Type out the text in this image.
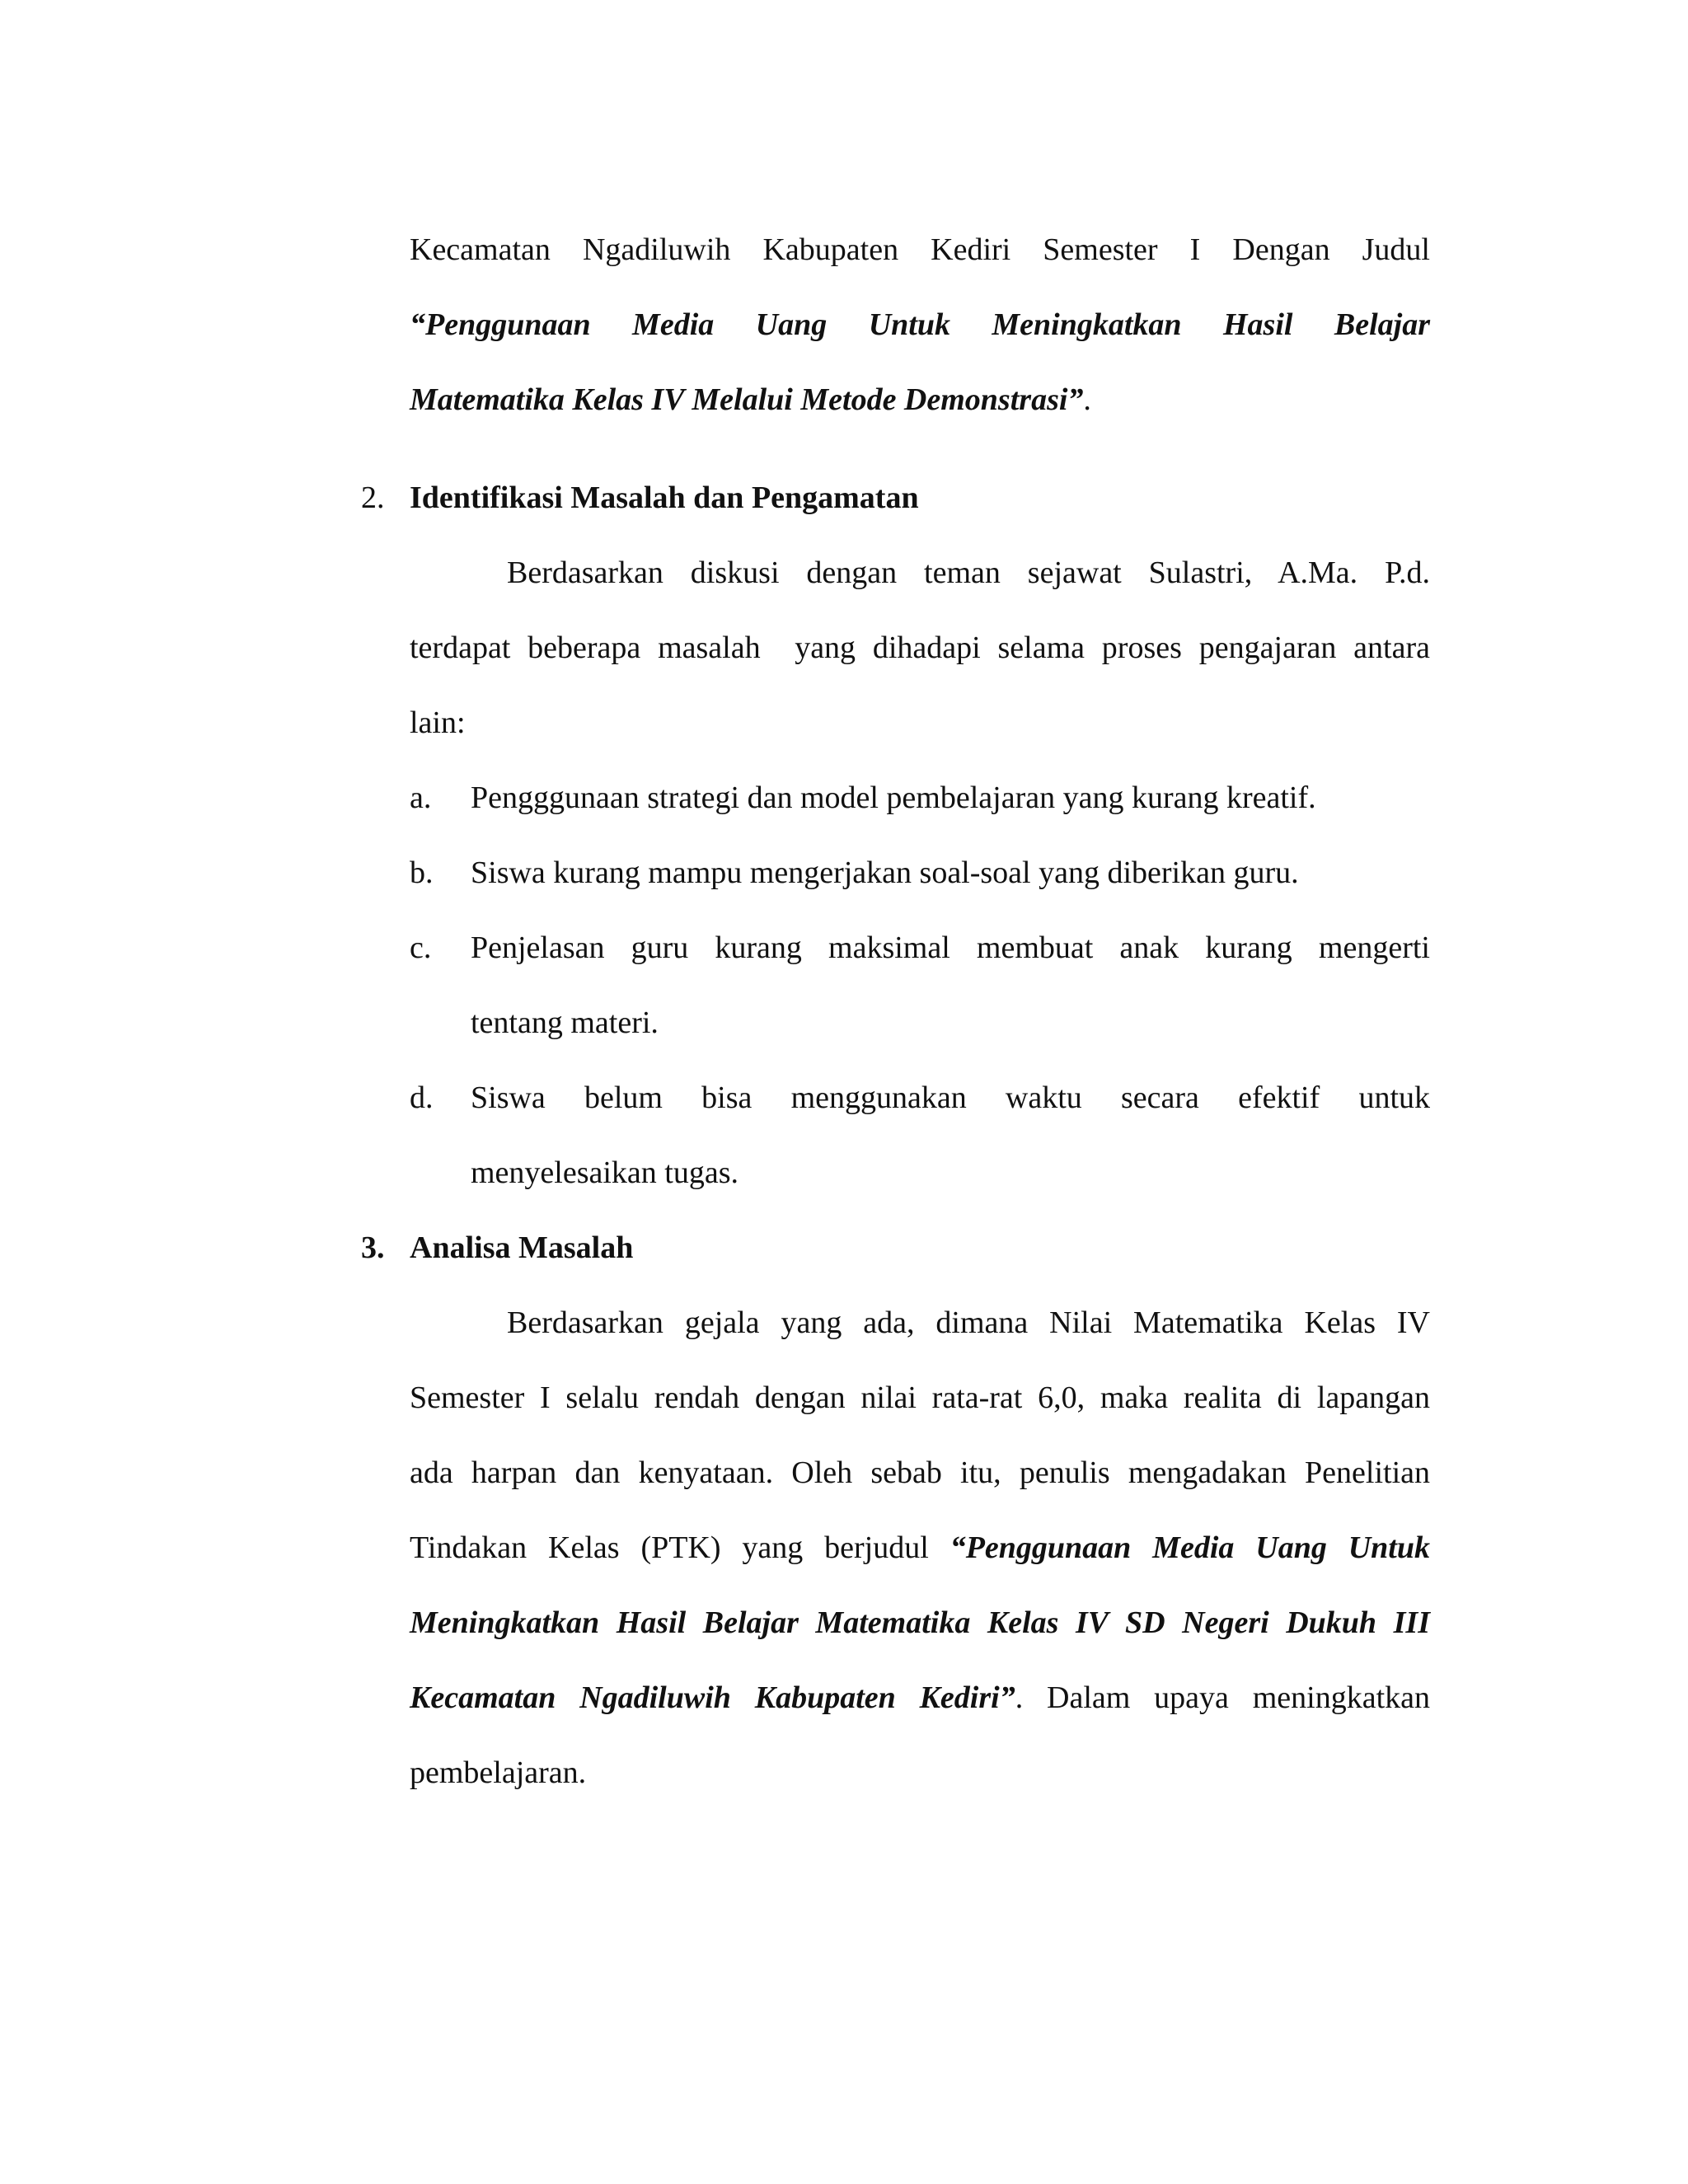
Kecamatan Ngadiluwih Kabupaten Kediri Semester I Dengan Judul
“Penggunaan Media Uang Untuk Meningkatkan Hasil Belajar
Matematika Kelas IV Melalui Metode Demonstrasi”.
2. Identifikasi Masalah dan Pengamatan
Berdasarkan diskusi dengan teman sejawat Sulastri, A.Ma. P.d.
terdapat beberapa masalah  yang dihadapi selama proses pengajaran antara
lain:
a. Pengggunaan strategi dan model pembelajaran yang kurang kreatif.
b. Siswa kurang mampu mengerjakan soal-soal yang diberikan guru.
c. Penjelasan guru kurang maksimal membuat anak kurang mengerti
tentang materi.
d. Siswa belum bisa menggunakan waktu secara efektif untuk
menyelesaikan tugas.
3. Analisa Masalah
Berdasarkan gejala yang ada, dimana Nilai Matematika Kelas IV
Semester I selalu rendah dengan nilai rata-rat 6,0, maka realita di lapangan
ada harpan dan kenyataan. Oleh sebab itu, penulis mengadakan Penelitian
Tindakan Kelas (PTK) yang berjudul “Penggunaan Media Uang Untuk
Meningkatkan Hasil Belajar Matematika Kelas IV SD Negeri Dukuh III
Kecamatan Ngadiluwih Kabupaten Kediri”. Dalam upaya meningkatkan
pembelajaran.
